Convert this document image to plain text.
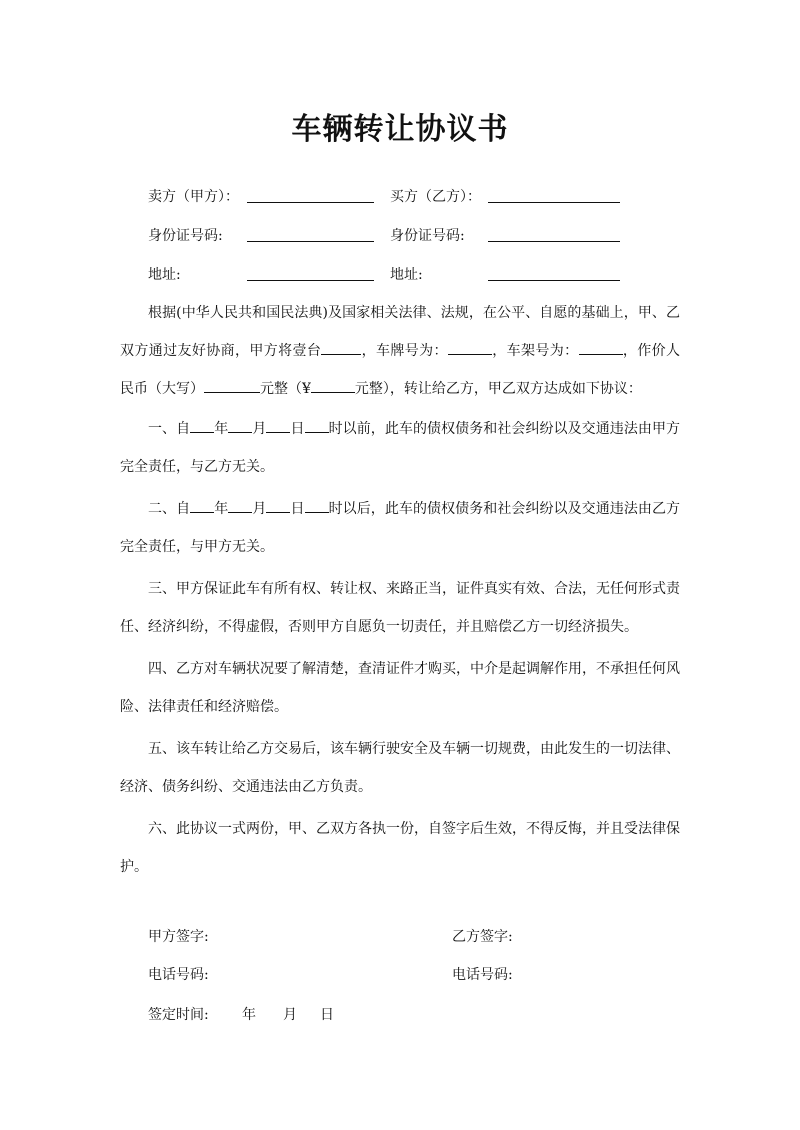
车辆转让协议书
卖方（甲方）：	买方（乙方）：
身份证号码:	身份证号码:
地址:	地址:
根据(中华人民共和国民法典)及国家相关法律、法规，在公平、自愿的基础上，甲、乙双方通过友好协商，甲方将壹台	，车牌号为：	，车架号为：	，作价人民币（大写）	元整（¥	元整），转让给乙方，甲乙双方达成如下协议：
一、自 年 月 日 时以前，此车的债权债务和社会纠纷以及交通违法由甲方完全责任，与乙方无关。
二、自 年 月 日 时以后，此车的债权债务和社会纠纷以及交通违法由乙方完全责任，与甲方无关。
三、甲方保证此车有所有权、转让权、来路正当，证件真实有效、合法，无任何形式责任、经济纠纷，不得虚假，否则甲方自愿负一切责任，并且赔偿乙方一切经济损失。
四、乙方对车辆状况要了解清楚，查清证件才购买，中介是起调解作用，不承担任何风险、法律责任和经济赔偿。
五、该车转让给乙方交易后，该车辆行驶安全及车辆一切规费，由此发生的一切法律、经济、债务纠纷、交通违法由乙方负责。
六、此协议一式两份，甲、乙双方各执一份，自签字后生效，不得反悔，并且受法律保护。
甲方签字:	乙方签字:
电话号码:	电话号码:
签定时间: 年 月 日
